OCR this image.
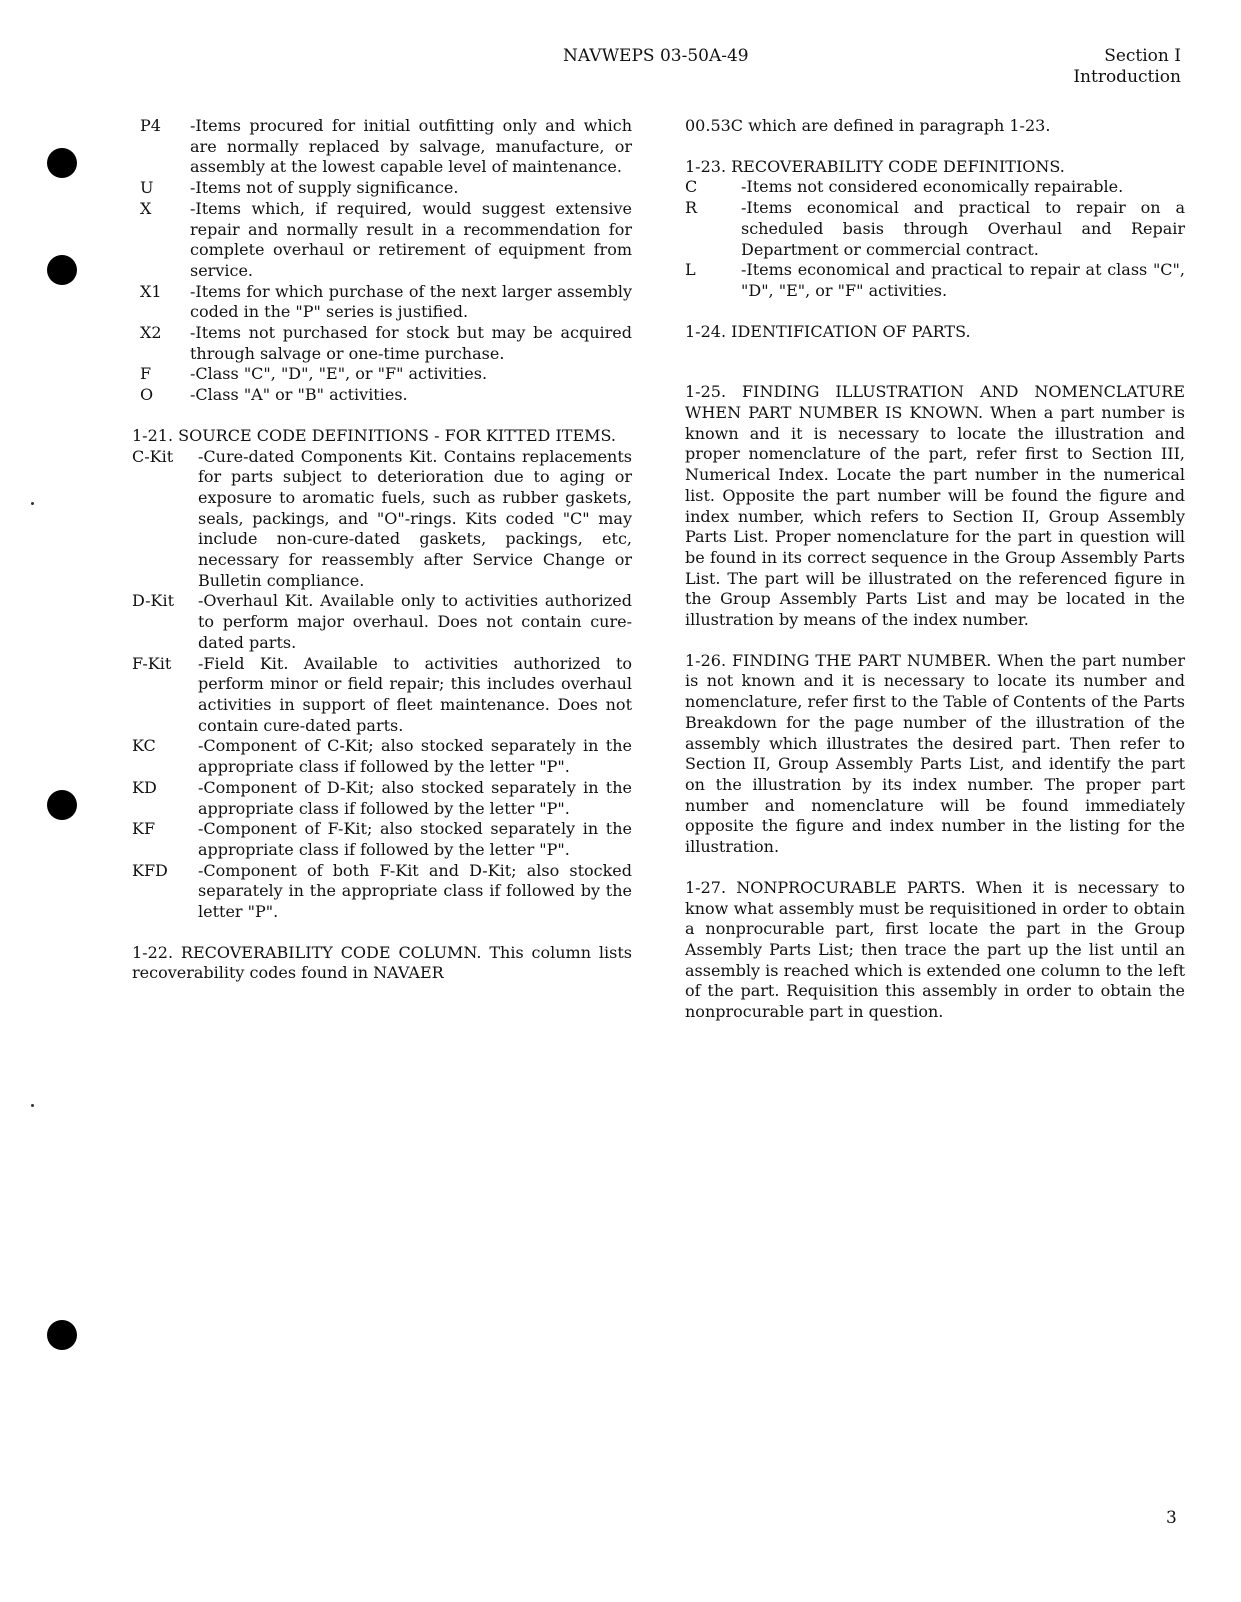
NAVWEPS 03-50A-49	Section I
Introduction
P4	-Items procured for initial outfitting only and which are normally replaced by salvage, manufacture, or assembly at the lowest capable level of maintenance.
U	-Items not of supply significance.
X	-Items which, if required, would suggest extensive repair and normally result in a recommendation for complete overhaul or retirement of equipment from service.
X1	-Items for which purchase of the next larger assembly coded in the "P" series is justified.
X2	-Items not purchased for stock but may be acquired through salvage or one-time purchase.
F	-Class "C", "D", "E", or "F" activities.
O	-Class "A" or "B" activities.
1-21. SOURCE CODE DEFINITIONS - FOR KITTED ITEMS.
C-Kit	-Cure-dated Components Kit. Contains replacements for parts subject to deterioration due to aging or exposure to aromatic fuels, such as rubber gaskets, seals, packings, and "O"-rings. Kits coded "C" may include non-cure-dated gaskets, packings, etc, necessary for reassembly after Service Change or Bulletin compliance.
D-Kit	-Overhaul Kit. Available only to activities authorized to perform major overhaul. Does not contain cure-dated parts.
F-Kit	-Field Kit. Available to activities authorized to perform minor or field repair; this includes overhaul activities in support of fleet maintenance. Does not contain cure-dated parts.
KC	-Component of C-Kit; also stocked separately in the appropriate class if followed by the letter "P".
KD	-Component of D-Kit; also stocked separately in the appropriate class if followed by the letter "P".
KF	-Component of F-Kit; also stocked separately in the appropriate class if followed by the letter "P".
KFD	-Component of both F-Kit and D-Kit; also stocked separately in the appropriate class if followed by the letter "P".

1-22. RECOVERABILITY CODE COLUMN. This column lists recoverability codes found in NAVAER

00.53C which are defined in paragraph 1-23.

1-23. RECOVERABILITY CODE DEFINITIONS.
C	-Items not considered economically repairable.
R	-Items economical and practical to repair on a scheduled basis through Overhaul and Repair Department or commercial contract.
L	-Items economical and practical to repair at class "C", "D", "E", or "F" activities.
1-24. IDENTIFICATION OF PARTS.

1-25. FINDING ILLUSTRATION AND NOMENCLATURE WHEN PART NUMBER IS KNOWN. When a part number is known and it is necessary to locate the illustration and proper nomenclature of the part, refer first to Section III, Numerical Index. Locate the part number in the numerical list. Opposite the part number will be found the figure and index number, which refers to Section II, Group Assembly Parts List. Proper nomenclature for the part in question will be found in its correct sequence in the Group Assembly Parts List. The part will be illustrated on the referenced figure in the Group Assembly Parts List and may be located in the illustration by means of the index number.

1-26. FINDING THE PART NUMBER. When the part number is not known and it is necessary to locate its number and nomenclature, refer first to the Table of Contents of the Parts Breakdown for the page number of the illustration of the assembly which illustrates the desired part. Then refer to Section II, Group Assembly Parts List, and identify the part on the illustration by its index number. The proper part number and nomenclature will be found immediately opposite the figure and index number in the listing for the illustration.

1-27. NONPROCURABLE PARTS. When it is necessary to know what assembly must be requisitioned in order to obtain a nonprocurable part, first locate the part in the Group Assembly Parts List; then trace the part up the list until an assembly is reached which is extended one column to the left of the part. Requisition this assembly in order to obtain the nonprocurable part in question.

3
